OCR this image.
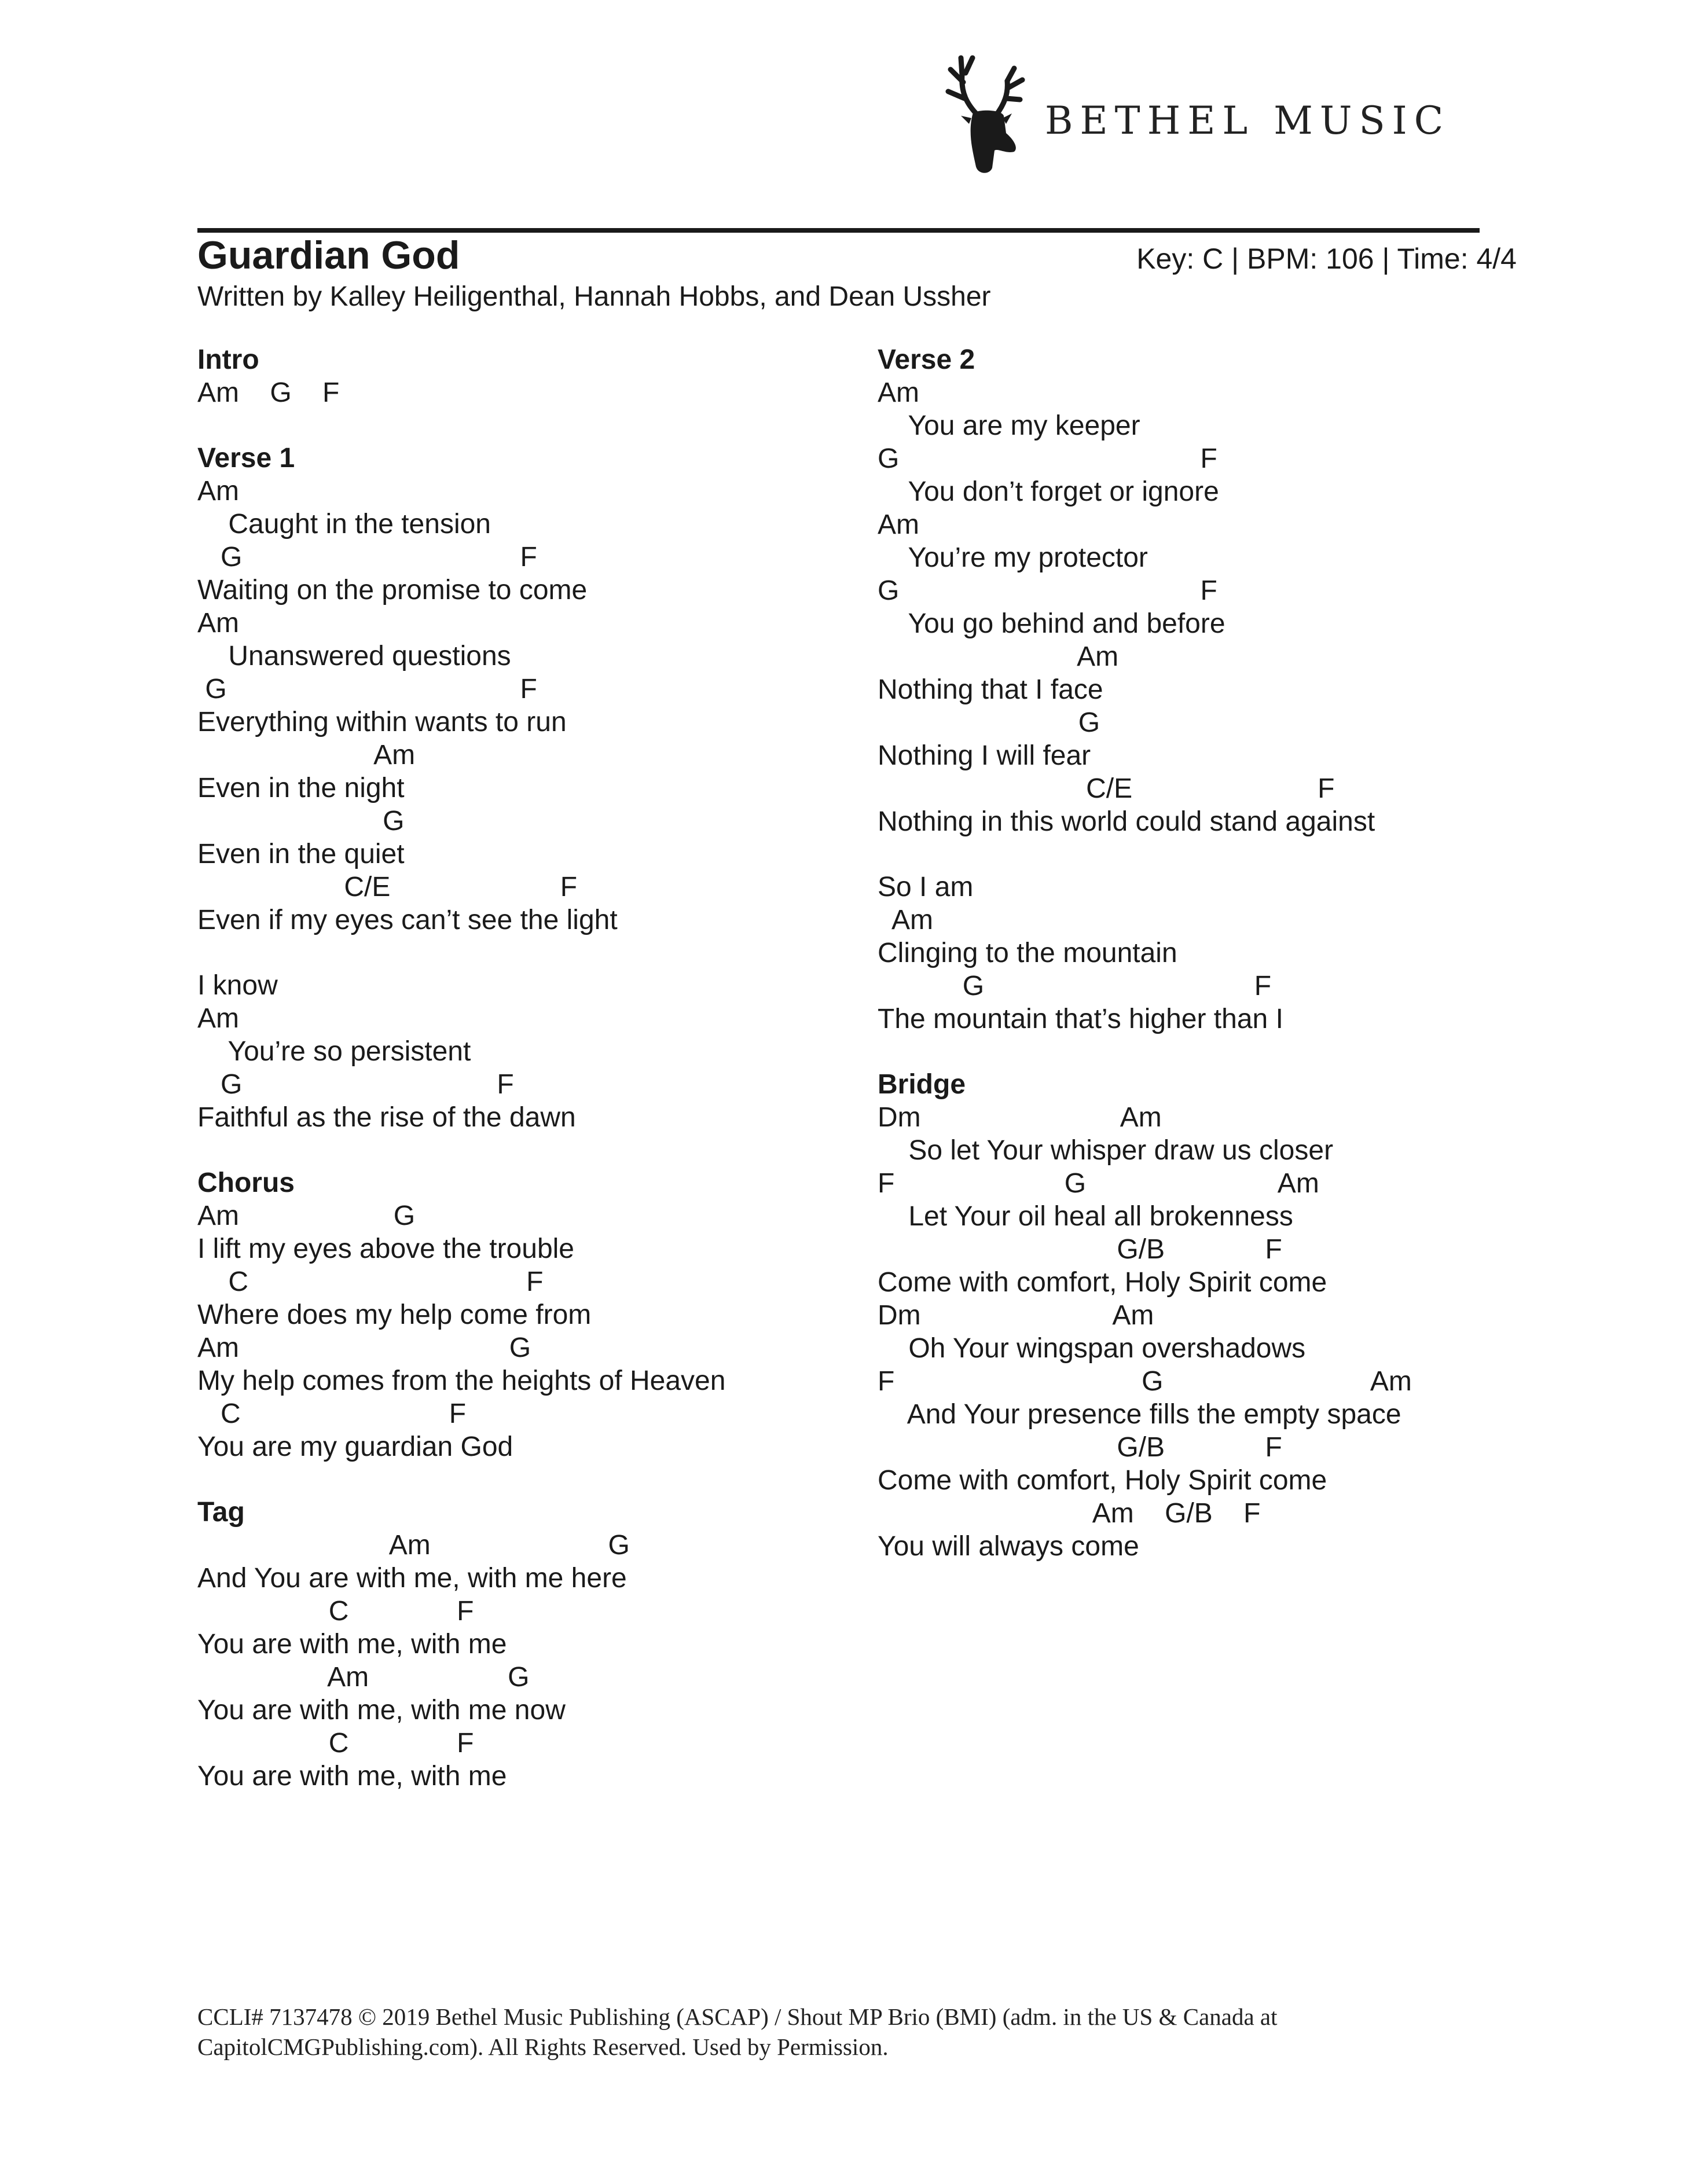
BETHEL MUSIC
Guardian God	Key: C | BPM: 106 | Time: 4/4
Written by Kalley Heiligenthal, Hannah Hobbs, and Dean Ussher
Intro
Am    G    F
Verse 1
Am
Caught in the tension
G                                    F
Waiting on the promise to come
Am
Unanswered questions
G                                      F
Everything within wants to run
Am
Even in the night
G
Even in the quiet
C/E                      F
Even if my eyes can’t see the light
I know
Am
You’re so persistent
G                                 F
Faithful as the rise of the dawn
Chorus
Am                    G
I lift my eyes above the trouble
C                                    F
Where does my help come from
Am                                   G
My help comes from the heights of Heaven
C                           F
You are my guardian God
Tag
Am                       G
And You are with me, with me here
C              F
You are with me, with me
Am                  G
You are with me, with me now
C              F
You are with me, with me
Verse 2
Am
You are my keeper
G                                       F
You don’t forget or ignore
Am
You’re my protector
G                                       F
You go behind and before
Am
Nothing that I face
G
Nothing I will fear
C/E                        F
Nothing in this world could stand against
So I am
Am
Clinging to the mountain
G                                   F
The mountain that’s higher than I
Bridge
Dm                          Am
So let Your whisper draw us closer
F                      G                         Am
Let Your oil heal all brokenness
G/B             F
Come with comfort, Holy Spirit come
Dm                         Am
Oh Your wingspan overshadows
F                                G                           Am
And Your presence fills the empty space
G/B             F
Come with comfort, Holy Spirit come
Am    G/B    F
You will always come
CCLI# 7137478 © 2019 Bethel Music Publishing (ASCAP) / Shout MP Brio (BMI) (adm. in the US & Canada at
CapitolCMGPublishing.com). All Rights Reserved. Used by Permission.
